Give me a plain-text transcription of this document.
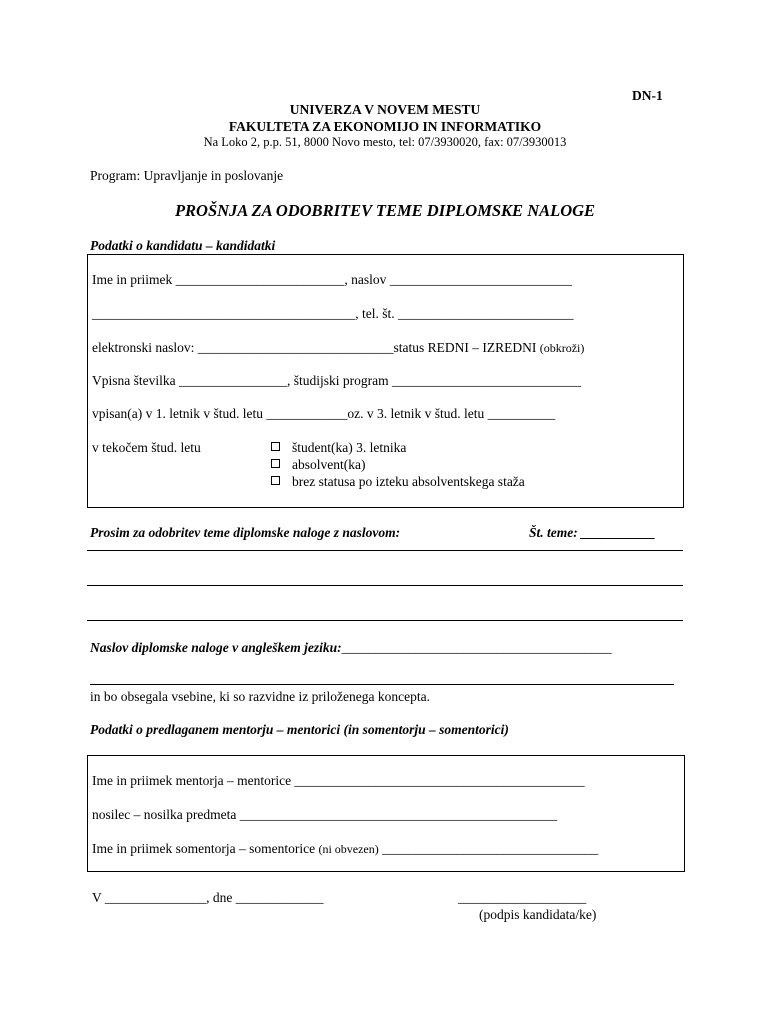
DN-1
UNIVERZA V NOVEM MESTU
FAKULTETA ZA EKONOMIJO IN INFORMATIKO
Na Loko 2, p.p. 51, 8000 Novo mesto, tel: 07/3930020, fax: 07/3930013
Program: Upravljanje in poslovanje
PROŠNJA ZA ODOBRITEV TEME DIPLOMSKE NALOGE
Podatki o kandidatu – kandidatki
Ime in priimek _________________________, naslov ___________________________
_______________________________________, tel. št. __________________________
elektronski naslov: _____________________________status REDNI – IZREDNI (obkroži)
Vpisna številka ________________, študijski program ____________________________
vpisan(a) v 1. letnik v štud. letu ____________oz. v 3. letnik v štud. letu __________
v tekočem štud. letu	študent(ka) 3. letnika
absolvent(ka)
brez statusa po izteku absolventskega staža
Prosim za odobritev teme diplomske naloge z naslovom:	Št. teme: ___________
Naslov diplomske naloge v angleškem jeziku:________________________________________
in bo obsegala vsebine, ki so razvidne iz priloženega koncepta.
Podatki o predlaganem mentorju – mentorici (in somentorju – somentorici)
Ime in priimek mentorja – mentorice ___________________________________________
nosilec – nosilka predmeta _______________________________________________
Ime in priimek somentorja – somentorice (ni obvezen) ________________________________
V _______________, dne _____________	___________________
(podpis kandidata/ke)
